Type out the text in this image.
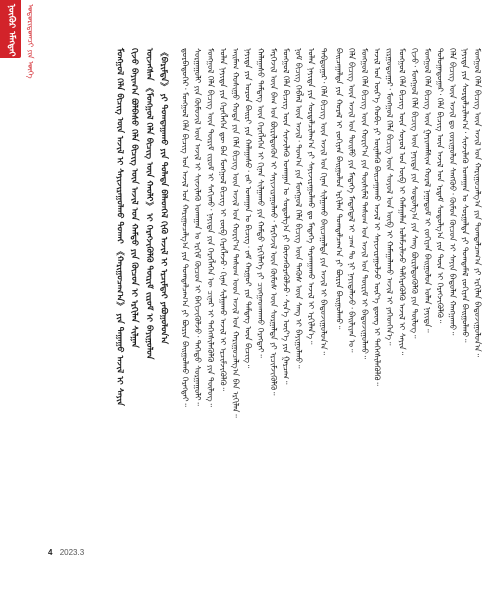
ᠨᠦᠬᠦᠷ ᠡᠮᠡᠭᠲᠡᠢ	ᠤᠳᠤᠷᠢᠳᠤᠭᠴᠢ ᠶᠢᠨ ᠦᠭᠡ
ᠮᠣᠩᠭᠣᠯ ᠬᠡᠯᠡ ᠪᠢᠴᠢᠭ ᠦᠨ ᠠᠵᠢᠯ ᠢ ᠰᠠᠶᠢᠵᠢᠷᠠᠭᠤᠯᠬᠤ ᠲᠤᠬᠠᠢ 《ᠬᠠᠷᠢᠭᠤᠴᠠᠭ᠎ᠠ》 ᠶᠢᠨ ᠳᠠᠭᠠᠭᠤ ᠠᠵᠢᠯ ᠢ ᠰᠠᠶᠢᠨ ᠬᠢᠵᠦ ᠪᠠᠶᠢᠭ᠎ᠠ ᠪᠣᠯᠪᠠᠰᠤ ᠬᠡᠯᠡ ᠪᠢᠴᠢᠭ ᠦᠨ ᠠᠵᠢᠯ ᠤᠨ ᠬᠠᠮᠲᠤ ᠶᠢᠨ ᠬᠦᠴᠦᠨ ᠢ ᠡᠷᠬᠢᠯᠡᠨ ᠰᠢᠯᠭᠠᠨ ᠦᠵᠡᠭᠰᠡᠨ 《ᠮᠣᠩᠭᠣᠯ ᠬᠡᠯᠡ ᠪᠢᠴᠢᠭ ᠦᠨ ᠬᠠᠤᠯᠢ》 ᠢ ᠬᠡᠷᠡᠭᠵᠢᠭᠦᠯᠬᠦ ᠳᠦᠷᠢᠮ ᠵᠢᠷᠤᠮ ᠢ ᠪᠠᠶᠢᠭᠤᠯᠤᠨ 《ᠪᠠᠷᠢᠮᠲᠠ》 ᠶᠢ ᠲᠣᠭᠲᠠᠭᠠᠬᠤ ᠶᠢᠨ ᠲᠤᠯᠠᠳᠠ ᠪᠡᠯᠡᠳᠭᠡᠯ ᠬᠢᠬᠦ ᠠᠵᠢᠯ ᠢ ᠡᠷᠴᠢᠮᠲᠡᠢ ᠶᠠᠪᠤᠭᠤᠯᠤᠨ᠎ᠠ	ᠳ᠋ᠤᠷᠪᠡᠳᠦᠭᠡᠷ᠂ ᠮᠣᠩᠭᠣᠯ ᠬᠡᠯᠡ ᠪᠢᠴᠢᠭ ᠤᠨ ᠠᠵᠢᠯ ᠤᠨ ᠬᠠᠷᠢᠭᠤᠴᠠᠯᠭ᠎ᠠ ᠶᠢᠨ ᠲᠣᠭᠲᠠᠯᠴᠠᠭ᠎ᠠ ᠶᠢ ᠪᠦᠷᠢᠨ ᠪᠠᠢᠭᠤᠯᠬᠤ ᠬᠡᠷᠡᠭᠲᠡᠢ᠃ ᠰᠤᠷᠭᠠᠭᠤᠯᠢ ᠶᠢᠨ ᠬᠦᠮᠦᠵᠢᠯ ᠦᠨ ᠠᠵᠢᠯ ᠢ ᠰᠢᠨᠵᠢᠯᠡᠬᠦ ᠤᠬᠠᠭᠠᠨ ᠤ ᠡᠷᠬᠢᠮ ᠬᠦᠴᠦᠨ ᠢ ᠪᠡᠬᠢᠵᠢᠭᠦᠯᠵᠦ᠂ ᠳᠡᠭᠡᠳᠦ ᠰᠤᠷᠭᠠᠭᠤᠯᠢ᠃ ᠮᠣᠩᠭᠣᠯ ᠬᠡᠯᠡ ᠪᠢᠴᠢᠭ ᠦᠨ ᠳᠦᠷᠢᠮ ᠵᠢᠷᠤᠮ ᠢ ᠰᠠᠬᠢᠬᠤ᠂ ᠨᠡᠶᠢᠲᠡ ᠶᠢᠨ ᠬᠡᠷᠡᠭᠯᠡᠭᠡᠨ ᠦ ᠴᠢᠨᠠᠷ ᠢ ᠳᠡᠭᠡᠭᠰᠢᠯᠡᠭᠦᠯᠬᠦ ᠶᠢᠨ ᠲᠥᠯᠦᠭ᠃ ᠣᠯᠠᠨ ᠨᠡᠶᠢᠲᠡ ᠶᠢᠨ ᠬᠡᠷᠡᠭᠯᠡᠭᠡᠨ ᠳᠦ ᠪᠠᠨ ᠮᠣᠩᠭᠣᠯ ᠪᠢᠴᠢᠭ ᠢ ᠵᠦᠪ ᠬᠡᠷᠡᠭᠯᠡᠵᠦ᠂ ᠬᠢᠨᠠᠨ ᠰᠢᠯᠭᠠᠬᠤ ᠠᠵᠢᠯ ᠢ ᠡᠷᠴᠢᠮᠵᠢᠭᠦᠯᠬᠦ᠃ ᠠᠢᠮᠠᠭ ᠬᠣᠰᠢᠭᠤ ᠬᠣᠲᠠ ᠶᠢᠨ ᠬᠡᠯᠡ ᠪᠢᠴᠢᠭ ᠦᠨ ᠠᠵᠢᠯ ᠤᠨ ᠬᠣᠷᠢᠶ᠎ᠠ ᠲᠠᠰᠤᠭ ᠤᠳ ᠠᠵᠢᠯ ᠤᠨ ᠬᠠᠷᠢᠭᠤᠴᠠᠯᠭ᠎ᠠ ᠪᠠᠨ ᠡᠷᠬᠢᠯᠡᠨ᠃ ᠨᠡᠶᠢᠲᠡ ᠶᠢᠨ ᠣᠷᠣᠨ ᠪᠠᠢᠷᠢ ᠶᠢᠨ ᠬᠠᠯᠠᠭᠠᠰᠤ᠂ ᠵᠠᠷ ᠤᠬᠠᠭᠠᠨ ᠤ ᠪᠢᠴᠢᠭ᠂ ᠵᠠᠮ ᠬᠠᠷᠭᠤᠢ ᠶᠢᠨ ᠲᠡᠮᠳᠡᠭ ᠦᠨ ᠪᠢᠴᠢᠭ᠃ ᠬᠠᠯᠠᠭᠠᠰᠤ ᠲᠡᠮᠳᠡᠭ ᠦᠨ ᠬᠡᠷᠡᠭᠯᠡᠭᠡᠨ ᠢ ᠬᠢᠨᠠᠨ ᠰᠢᠯᠭᠠᠬᠤ ᠶᠢᠨ ᠬᠠᠮᠲᠤ ᠡᠷᠬᠢᠯᠡᠭᠡ ᠶᠢ ᠴᠢᠩᠭᠠᠳᠬᠠᠬᠤ ᠬᠡᠷᠡᠭᠲᠡᠢ᠃ ᠮᠡᠷᠭᠡᠵᠢᠯ ᠦᠨ ᠪᠠᠭ ᠤᠨ ᠪᠦᠷᠢᠯᠳᠦᠬᠦᠨ ᠢ ᠰᠠᠶᠢᠵᠢᠷᠠᠭᠤᠯᠬᠤ᠂ ᠮᠡᠷᠭᠡᠵᠢᠯ ᠦᠨ ᠬᠦᠮᠦᠰ ᠦᠨ ᠰᠤᠷᠭᠠᠯᠲᠠ ᠶᠢ ᠡᠷᠴᠢᠮᠵᠢᠭᠦᠯᠬᠦ᠃ ᠮᠣᠩᠭᠣᠯ ᠬᠡᠯᠡ ᠪᠢᠴᠢᠭ ᠦᠨ ᠰᠢᠨᠵᠢᠯᠡᠬᠦ ᠤᠬᠠᠭᠠᠨ ᠤ ᠰᠤᠳᠤᠯᠭ᠎ᠠ ᠶᠢ ᠭᠦᠨᠵᠡᠭᠦᠷᠡᠭᠦᠯᠵᠦ᠂ ᠰᠢᠨ᠎ᠡ ᠦᠶ᠎ᠡ ᠶᠢᠨ ᠭᠠᠷᠴᠠᠭ᠃ ᠨᠤᠮ ᠪᠢᠴᠢᠭ ᠬᠡᠪᠯᠡᠯ ᠦᠨ ᠠᠵᠢᠯ᠂ ᠲᠣᠭ᠎ᠠ ᠶᠢᠨ ᠮᠣᠩᠭᠣᠯ ᠬᠡᠯᠡ ᠪᠢᠴᠢᠭ ᠦᠨ ᠲᠡᠭᠦᠰ ᠦᠨ ᠰᠠᠩ ᠢ ᠪᠠᠶᠢᠭᠤᠯᠬᠤ᠃ ᠣᠯᠠᠨ ᠨᠡᠶᠢᠲᠡ ᠶᠢᠨ ᠰᠤᠷᠲᠠᠯᠴᠢᠯᠠᠭ᠎ᠠ ᠶᠢ ᠰᠠᠶᠢᠵᠢᠷᠠᠭᠤᠯᠬᠤ ᠳᠤ ᠮᠡᠳᠡᠭᠡ ᠲᠠᠷᠬᠠᠭᠠᠬᠤ ᠠᠵᠢᠯ ᠢ ᠡᠷᠬᠢᠯᠡᠨ᠎ᠡ᠃ ᠲᠠᠪᠳᠤᠭᠠᠷ᠂ ᠬᠡᠯᠡ ᠪᠢᠴᠢᠭ ᠦᠨ ᠠᠵᠢᠯ ᠤᠨ ᠬᠢᠨᠠᠨ ᠰᠢᠯᠭᠠᠬᠤ ᠪᠠᠢᠴᠠᠭᠠᠯᠲᠠ ᠶᠢᠨ ᠠᠵᠢᠯ ᠢ ᠪᠠᠲᠤᠵᠢᠭᠤᠯᠤᠨ᠎ᠠ᠃ ᠪᠠᠢᠴᠠᠭᠠᠯᠲᠠ ᠶᠢᠨ ᠬᠤᠷᠠᠯ ᠢ ᠵᠣᠬᠢᠶᠠᠨ ᠪᠠᠢᠭᠤᠯᠤᠨ ᠡᠷᠬᠢᠯᠡᠨ ᠲᠣᠭᠲᠠᠯᠴᠠᠭ᠎ᠠ ᠶᠢ ᠪᠦᠷᠢᠨ ᠪᠠᠢᠭᠤᠯᠬᠤ᠃ ᠬᠡᠯᠡ ᠪᠢᠴᠢᠭ ᠦᠨ ᠠᠵᠢᠯ ᠤᠨ ᠲᠣᠢᠮᠤ ᠶᠢᠨ ᠮᠡᠳᠡᠭᠡ ᠮᠡᠳᠡᠭᠳᠡᠯ ᠢ ᠴᠠᠭ ᠲᠤ ᠨᠢ ᠨᠡᠶᠢᠲᠡᠯᠡᠵᠦ᠂ ᠪᠠᠢᠯᠢᠶᠠᠨ ᠤ᠃ ᠮᠣᠩᠭᠣᠯ ᠬᠡᠯᠡ ᠪᠢᠴᠢᠭ ᠦᠨ ᠬᠣᠷᠢᠶ᠎ᠠ ᠶᠢᠨ ᠲᠦᠰᠢᠮᠡᠯ ᠲᠠᠰᠤᠭ ᠤᠨ ᠠᠵᠢᠯ ᠤᠨ ᠳᠦᠷᠢᠮ ᠢ ᠪᠠᠲᠤᠵᠢᠭᠤᠯᠬᠤ᠃ ᠠᠵᠢᠯ ᠤᠨ ᠦᠷ᠎ᠡ ᠬᠤᠪᠢ ᠶᠢ ᠦᠨᠡᠯᠡᠬᠦ ᠪᠠᠢᠴᠠᠭᠠᠬᠤ ᠠᠵᠢᠯ ᠢ ᠰᠠᠶᠢᠵᠢᠷᠠᠭᠤᠯᠵᠤ ᠦᠷ᠎ᠡ ᠳ᠋ᠦᠩ ᠢ ᠳᠡᠭᠡᠭᠰᠢᠯᠡᠭᠦᠯᠬᠦ᠃ ᠵᠢᠷᠭᠤᠳᠤᠭᠠᠷ᠂ ᠮᠣᠩᠭᠣᠯ ᠬᠡᠯᠡ ᠪᠢᠴᠢᠭ ᠦᠨ ᠰᠣᠶᠣᠯ ᠤᠨ ᠥᠪ ᠢ ᠬᠠᠮᠠᠭᠠᠯᠠᠬᠤ ᠠᠵᠢᠯ ᠢ ᠶᠡᠬᠡᠳᠬᠡᠨ᠎ᠡ᠃ ᠮᠣᠩᠭᠣᠯ ᠬᠡᠯᠡ ᠪᠢᠴᠢᠭ ᠦᠨ ᠰᠣᠶᠣᠯ ᠤᠨ ᠥᠪ ᠢ ᠬᠠᠮᠠᠭᠠᠯᠠᠨ ᠤᠯᠠᠮᠵᠢᠯᠠᠵᠤ ᠳᠡᠯᠭᠡᠷᠡᠭᠦᠯᠬᠦ ᠠᠵᠢᠯ ᠢ ᠰᠠᠶᠢᠨ᠃ ᠬᠢᠵᠦ᠂ ᠮᠣᠩᠭᠣᠯ ᠬᠡᠯᠡ ᠪᠢᠴᠢᠭ ᠦᠨ ᠨᠡᠶᠢᠲᠡ ᠶᠢᠨ ᠰᠣᠳᠤᠯᠭ᠎ᠠ ᠶᠢᠨ ᠰᠠᠩ ᠪᠦᠷᠢᠯᠳᠦᠭᠦᠯᠬᠦ ᠶᠢᠨ ᠲᠥᠯᠦᠭ᠃ ᠮᠣᠩᠭᠣᠯ ᠬᠡᠯᠡ ᠪᠢᠴᠢᠭ ᠦᠨ ᠭᠠᠶᠢᠬᠠᠮᠰᠢᠭ ᠬᠤᠷᠠᠯ ᠨᠠᠭᠠᠳᠤᠮ ᠢ ᠵᠣᠬᠢᠶᠠᠨ ᠪᠠᠢᠭᠤᠯᠤᠨ ᠣᠯᠠᠨ ᠨᠡᠶᠢᠲᠡ᠃ ᠳᠣᠯᠣᠭᠠᠳᠤᠭᠠᠷ᠂ ᠬᠡᠯᠡ ᠪᠢᠴᠢᠭ ᠦᠨ ᠠᠵᠢᠯ ᠤᠨ ᠡᠷᠳᠡᠮ ᠰᠤᠳᠤᠯᠭ᠎ᠠ ᠶᠢᠨ ᠳᠦᠨ ᠢ ᠬᠡᠷᠡᠭᠵᠢᠭᠦᠯᠬᠦ᠃ ᠬᠡᠯᠡ ᠪᠢᠴᠢᠭ ᠦᠨ ᠠᠵᠢᠯ ᠳᠤ ᠵᠣᠷᠢᠭᠤᠯᠤᠨ ᠰᠠᠩᠬᠦᠦ᠂ ᠬᠦᠮᠦᠨ ᠬᠦᠴᠦᠨ ᠢ ᠰᠠᠶᠢᠨ ᠪᠠᠲᠤᠯᠠᠨ ᠬᠠᠩᠭᠠᠬᠤ᠃ ᠨᠡᠶᠢᠲᠡ ᠶᠢᠨ ᠰᠤᠷᠲᠠᠯᠴᠢᠯᠠᠭ᠎ᠠ᠂ ᠰᠢᠨᠵᠢᠯᠡᠬᠦ ᠤᠬᠠᠭᠠᠨ ᠤ ᠰᠤᠷᠭᠠᠯᠲᠠ ᠶᠢ ᠲᠣᠭᠲᠠᠮᠠᠯ ᠵᠣᠬᠢᠶᠠᠨ ᠪᠠᠢᠭᠤᠯᠬᠤ᠃ ᠮᠣᠩᠭᠣᠯ ᠬᠡᠯᠡ ᠪᠢᠴᠢᠭ ᠦᠨ ᠠᠵᠢᠯ ᠤᠨ ᠬᠠᠷᠢᠭᠤᠴᠠᠯᠭ᠎ᠠ ᠶᠢᠨ ᠲᠣᠭᠲᠠᠯᠴᠠᠭ᠎ᠠ ᠶᠢ ᠡᠷᠬᠢᠯᠡᠨ ᠪᠠᠲᠤᠵᠢᠭᠤᠯᠤᠨ᠎ᠠ᠃
4 2023.3
